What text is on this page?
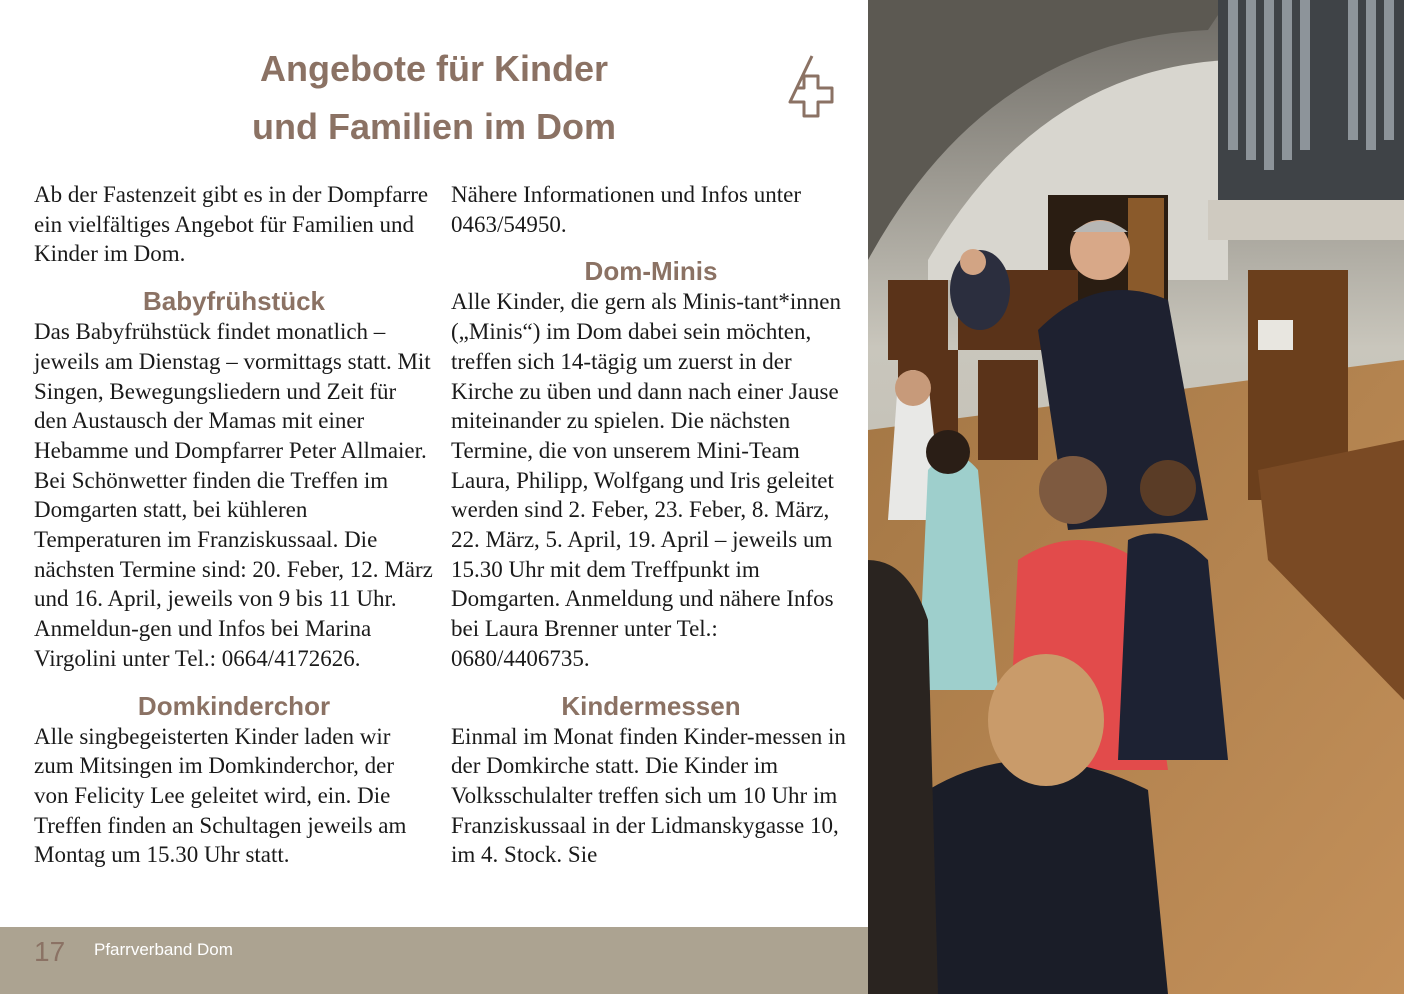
Angebote für Kinder
und Familien im Dom

Ab der Fastenzeit gibt es in der Dompfarre ein vielfältiges Angebot für Familien und Kinder im Dom.

Babyfrühstück

Das Babyfrühstück findet monatlich – jeweils am Dienstag – vormittags statt. Mit Singen, Bewegungsliedern und Zeit für den Austausch der Mamas mit einer Hebamme und Dompfarrer Peter Allmaier. Bei Schönwetter finden die Treffen im Domgarten statt, bei kühleren Temperaturen im Franziskussaal. Die nächsten Termine sind: 20. Feber, 12. März und 16. April, jeweils von 9 bis 11 Uhr. Anmeldun-gen und Infos bei Marina Virgolini unter Tel.: 0664/4172626.

Domkinderchor

Alle singbegeisterten Kinder laden wir zum Mitsingen im Domkinderchor, der von Felicity Lee geleitet wird, ein. Die Treffen finden an Schultagen jeweils am Montag um 15.30 Uhr statt.

Nähere Informationen und Infos unter 0463/54950.

Dom-Minis

Alle Kinder, die gern als Minis-tant*innen („Minis“) im Dom dabei sein möchten, treffen sich 14-tägig um zuerst in der Kirche zu üben und dann nach einer Jause miteinander zu spielen. Die nächsten Termine, die von unserem Mini-Team Laura, Philipp, Wolfgang und Iris geleitet werden sind 2. Feber, 23. Feber, 8. März, 22. März, 5. April, 19. April – jeweils um 15.30 Uhr mit dem Treffpunkt im Domgarten. Anmeldung und nähere Infos bei Laura Brenner unter Tel.: 0680/4406735.

Kindermessen

Einmal im Monat finden Kinder-messen in der Domkirche statt. Die Kinder im Volksschulalter treffen sich um 10 Uhr im Franziskussaal in der Lidmanskygasse 10, im 4. Stock. Sie

17 Pfarrverband Dom
